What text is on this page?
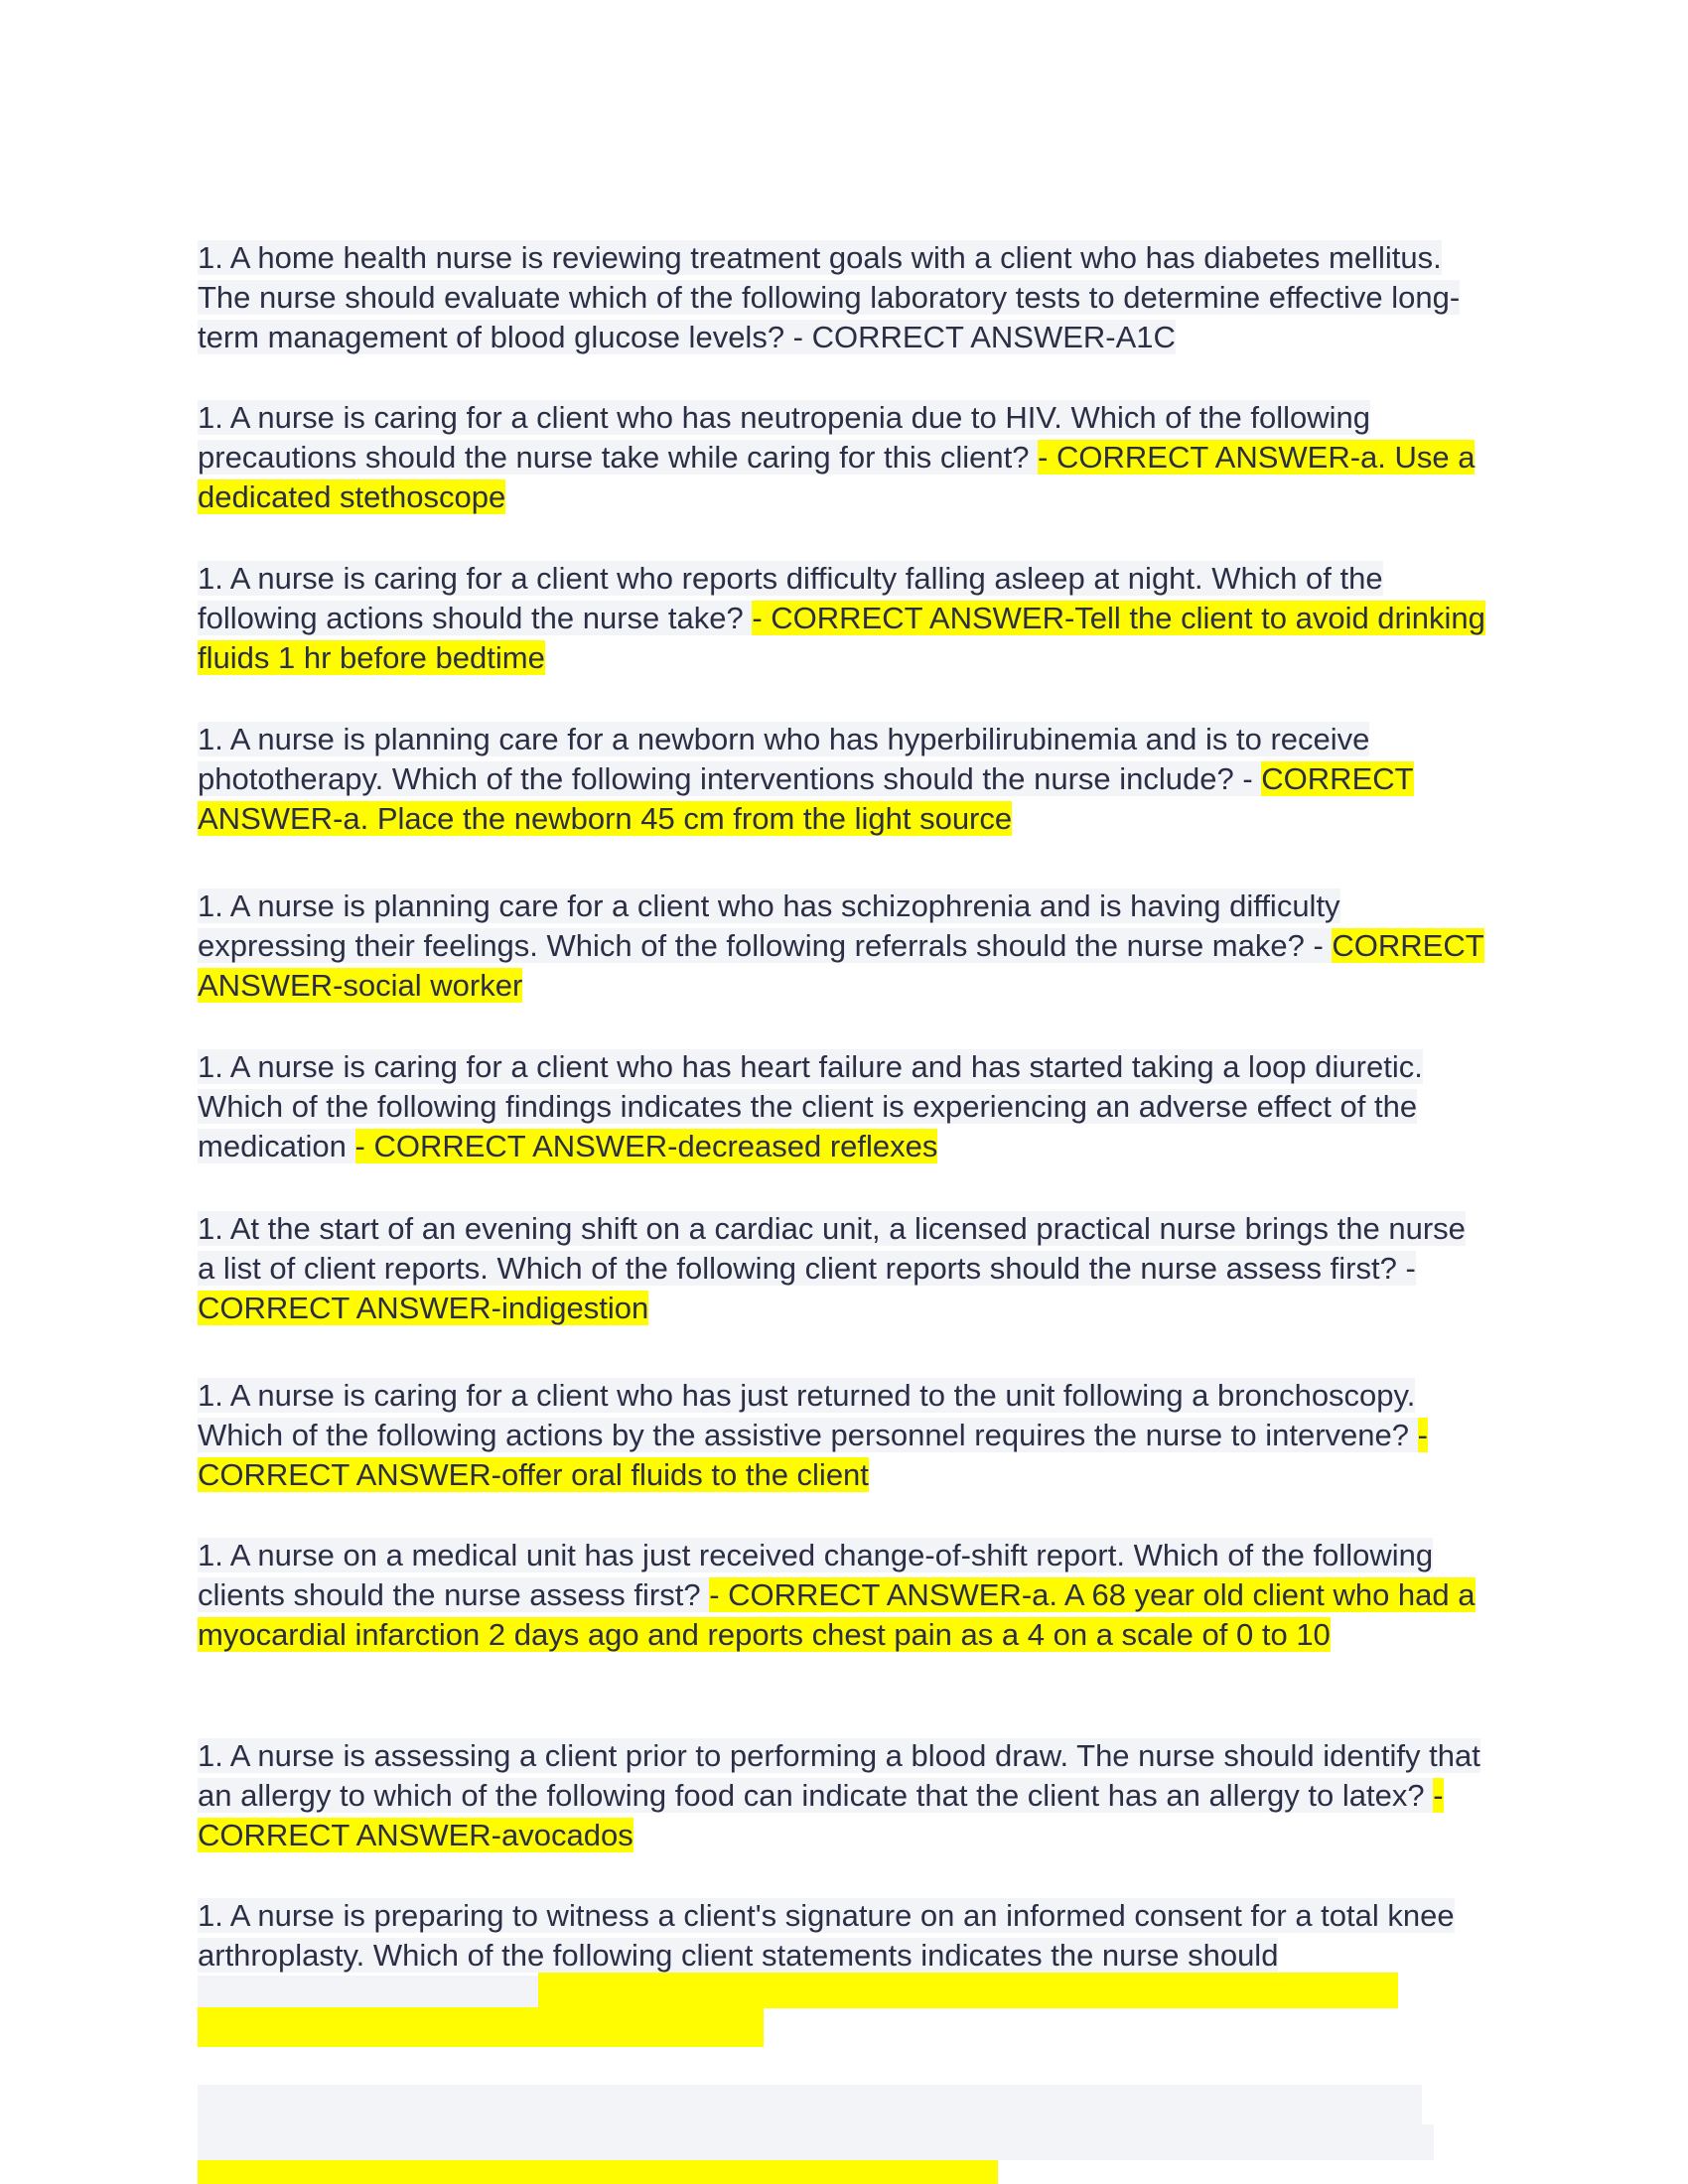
1. A home health nurse is reviewing treatment goals with a client who has diabetes mellitus. The nurse should evaluate which of the following laboratory tests to determine effective long-term management of blood glucose levels? - CORRECT ANSWER-A1C
1. A nurse is caring for a client who has neutropenia due to HIV. Which of the following precautions should the nurse take while caring for this client? - CORRECT ANSWER-a. Use a dedicated stethoscope
1. A nurse is caring for a client who reports difficulty falling asleep at night. Which of the following actions should the nurse take? - CORRECT ANSWER-Tell the client to avoid drinking fluids 1 hr before bedtime
1. A nurse is planning care for a newborn who has hyperbilirubinemia and is to receive phototherapy. Which of the following interventions should the nurse include? - CORRECT ANSWER-a. Place the newborn 45 cm from the light source
1. A nurse is planning care for a client who has schizophrenia and is having difficulty expressing their feelings. Which of the following referrals should the nurse make? - CORRECT ANSWER-social worker
1. A nurse is caring for a client who has heart failure and has started taking a loop diuretic. Which of the following findings indicates the client is experiencing an adverse effect of the medication - CORRECT ANSWER-decreased reflexes
1. At the start of an evening shift on a cardiac unit, a licensed practical nurse brings the nurse a list of client reports. Which of the following client reports should the nurse assess first? - CORRECT ANSWER-indigestion
1. A nurse is caring for a client who has just returned to the unit following a bronchoscopy. Which of the following actions by the assistive personnel requires the nurse to intervene? - CORRECT ANSWER-offer oral fluids to the client
1. A nurse on a medical unit has just received change-of-shift report. Which of the following clients should the nurse assess first? - CORRECT ANSWER-a. A 68 year old client who had a myocardial infarction 2 days ago and reports chest pain as a 4 on a scale of 0 to 10
1. A nurse is assessing a client prior to performing a blood draw. The nurse should identify that an allergy to which of the following food can indicate that the client has an allergy to latex? - CORRECT ANSWER-avocados
1. A nurse is preparing to witness a client's signature on an informed consent for a total knee arthroplasty. Which of the following client statements indicates the nurse should
